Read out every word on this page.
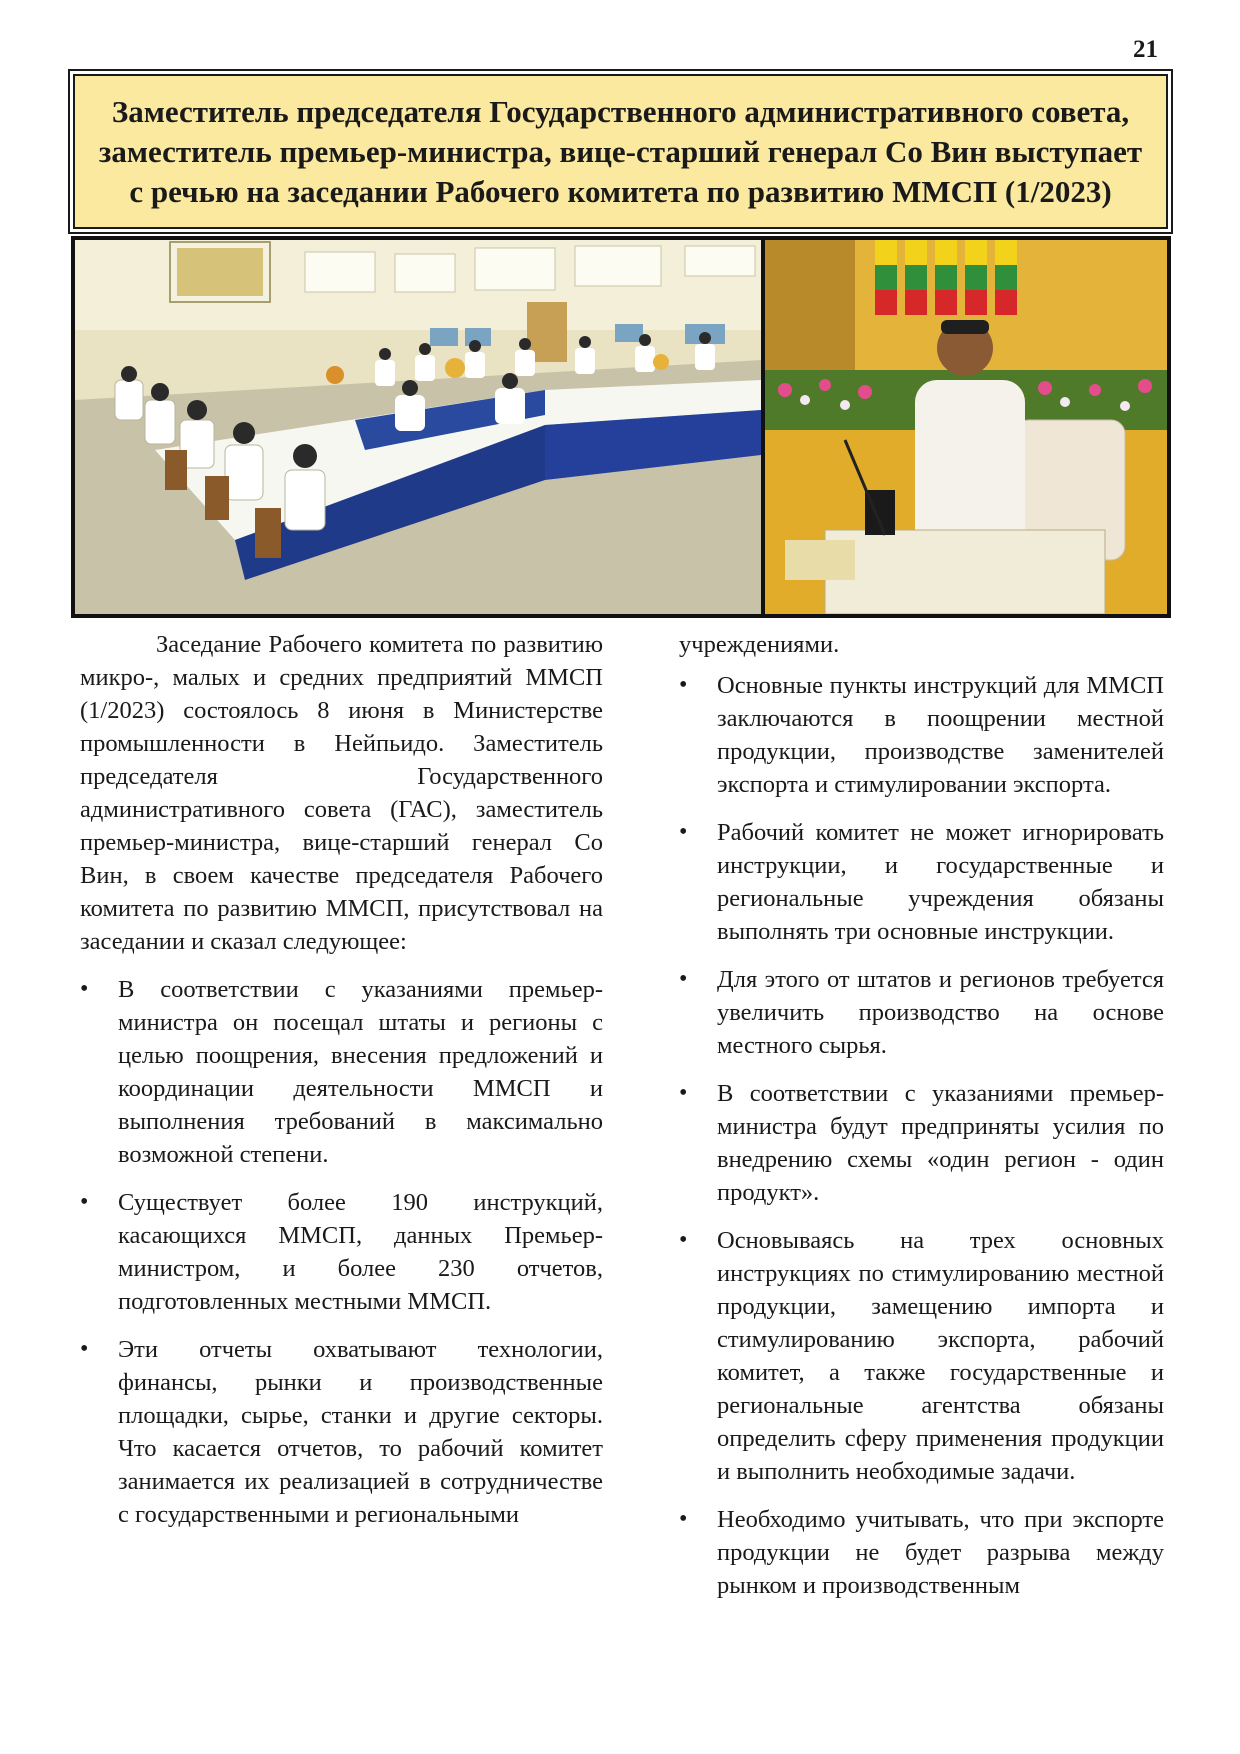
21
Заместитель председателя Государственного административного совета, заместитель премьер-министра, вице-старший генерал Со Вин выступает с речью на заседании Рабочего комитета по развитию ММСП (1/2023)

Заседание Рабочего комитета по развитию микро-, малых и средних предприятий ММСП (1/2023) состоялось 8 июня в Министерстве промышленности в Нейпьидо. Заместитель председателя Государственного административного совета (ГАС), заместитель премьер-министра, вице-старший генерал Со Вин, в своем качестве председателя Рабочего комитета по развитию ММСП, присутствовал на заседании и сказал следующее:

• В соответствии с указаниями премьер-министра он посещал штаты и регионы с целью поощрения, внесения предложений и координации деятельности ММСП и выполнения требований в максимально возможной степени.
• Существует более 190 инструкций, касающихся ММСП, данных Премьер-министром, и более 230 отчетов, подготовленных местными ММСП.
• Эти отчеты охватывают технологии, финансы, рынки и производственные площадки, сырье, станки и другие секторы. Что касается отчетов, то рабочий комитет занимается их реализацией в сотрудничестве с государственными и региональными

учреждениями.

• Основные пункты инструкций для ММСП заключаются в поощрении местной продукции, производстве заменителей экспорта и стимулировании экспорта.
• Рабочий комитет не может игнорировать инструкции, и государственные и региональные учреждения обязаны выполнять три основные инструкции.
• Для этого от штатов и регионов требуется увеличить производство на основе местного сырья.
• В соответствии с указаниями премьер-министра будут предприняты усилия по внедрению схемы «один регион - один продукт».
• Основываясь на трех основных инструкциях по стимулированию местной продукции, замещению импорта и стимулированию экспорта, рабочий комитет, а также государственные и региональные агентства обязаны определить сферу применения продукции и выполнить необходимые задачи.
• Необходимо учитывать, что при экспорте продукции не будет разрыва между рынком и производственным
